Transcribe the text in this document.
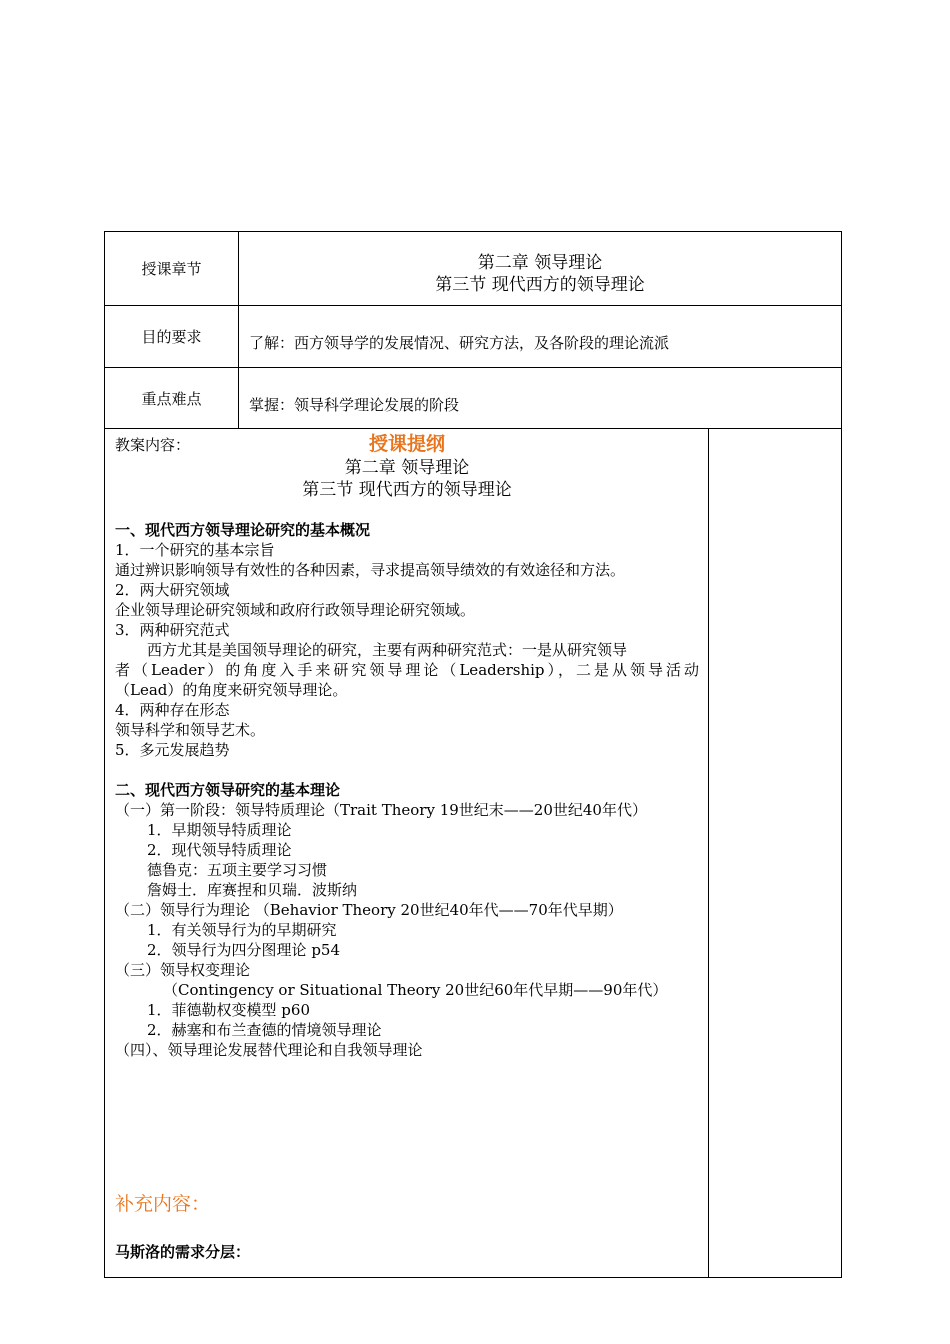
授课章节	第二章 领导理论
第三节 现代西方的领导理论
目的要求	了解：西方领导学的发展情况、研究方法，及各阶段的理论流派
重点难点	掌握：领导科学理论发展的阶段
教案内容：	授课提纲
第二章 领导理论
第三节 现代西方的领导理论
一、现代西方领导理论研究的基本概况
1．一个研究的基本宗旨
通过辨识影响领导有效性的各种因素，寻求提高领导绩效的有效途径和方法。
2．两大研究领域
企业领导理论研究领域和政府行政领导理论研究领域。
3．两种研究范式
西方尤其是美国领导理论的研究，主要有两种研究范式：一是从研究领导
者（Leader）的角度入手来研究领导理论（Leadership），二是从领导活动
（Lead）的角度来研究领导理论。
4．两种存在形态
领导科学和领导艺术。
5．多元发展趋势
二、现代西方领导研究的基本理论
（一）第一阶段：领导特质理论（Trait Theory 19世纪末——20世纪40年代）
1．早期领导特质理论
2．现代领导特质理论
德鲁克：五项主要学习习惯
詹姆士．库赛捏和贝瑞．波斯纳
（二）领导行为理论 （Behavior Theory 20世纪40年代——70年代早期）
1．有关领导行为的早期研究
2．领导行为四分图理论 p54
（三）领导权变理论
（Contingency or Situational Theory 20世纪60年代早期——90年代）
1．菲德勒权变模型 p60
2．赫塞和布兰查德的情境领导理论
（四）、领导理论发展替代理论和自我领导理论
补充内容：
马斯洛的需求分层：
